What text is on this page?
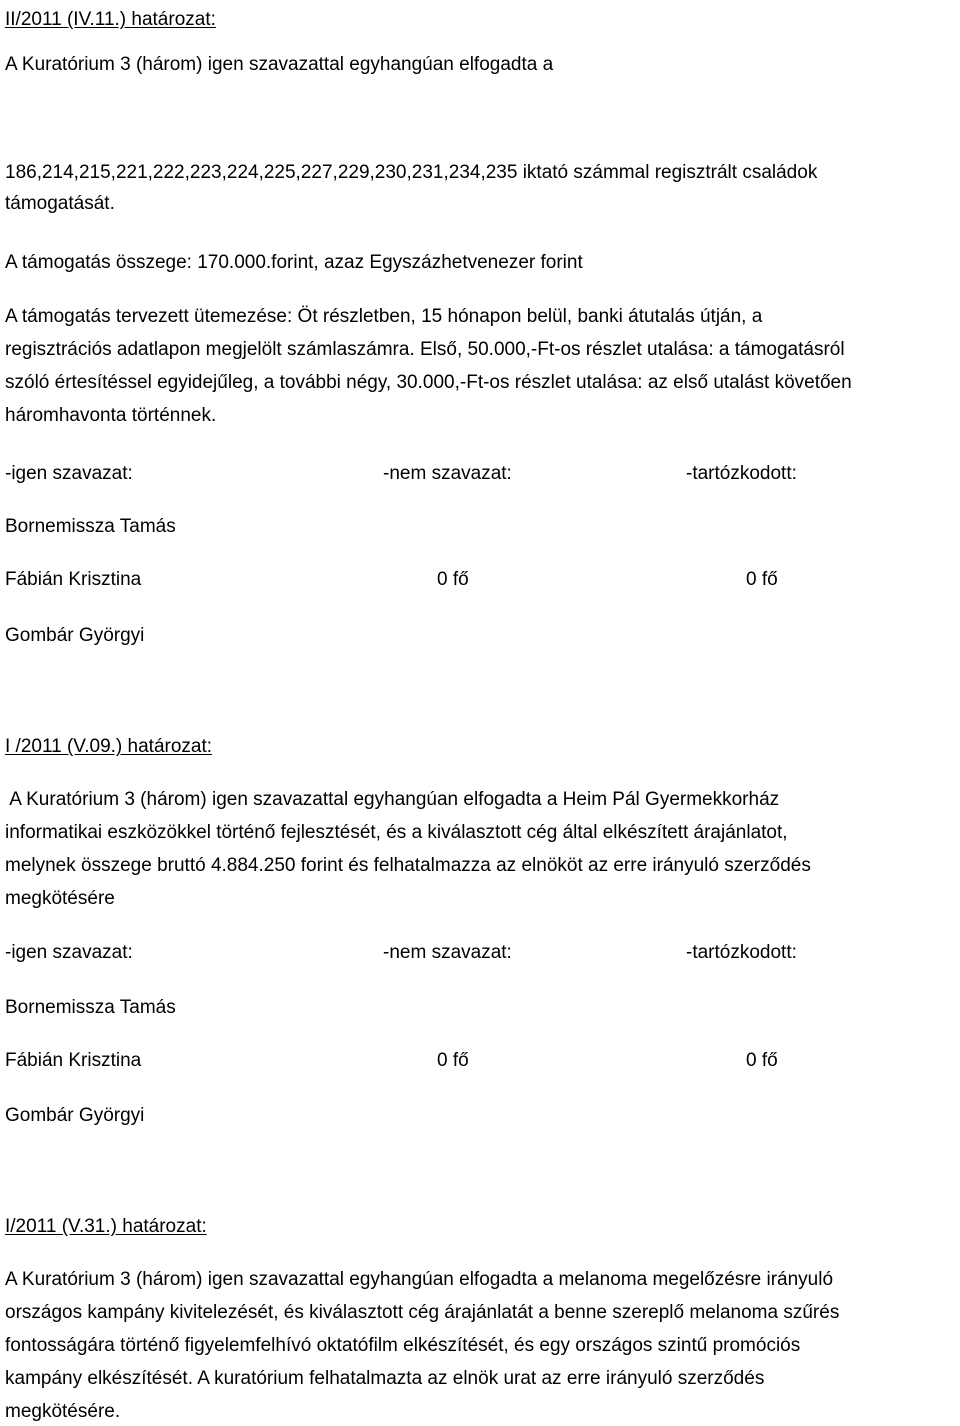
II/2011 (IV.11.) határozat:
A Kuratórium 3 (három) igen szavazattal egyhangúan elfogadta a
186,214,215,221,222,223,224,225,227,229,230,231,234,235 iktató számmal regisztrált családok
támogatását.
A támogatás összege: 170.000.forint, azaz Egyszázhetvenezer forint
A támogatás tervezett ütemezése: Öt részletben, 15 hónapon belül, banki átutalás útján, a
regisztrációs adatlapon megjelölt számlaszámra. Első, 50.000,-Ft-os részlet utalása: a támogatásról
szóló értesítéssel egyidejűleg, a további négy, 30.000,-Ft-os részlet utalása: az első utalást követően
háromhavonta történnek.
-igen szavazat:	-nem szavazat:	-tartózkodott:
Bornemissza Tamás
Fábián Krisztina	0 fő	0 fő
Gombár Györgyi
I /2011 (V.09.) határozat:
A Kuratórium 3 (három) igen szavazattal egyhangúan elfogadta a Heim Pál Gyermekkorház
informatikai eszközökkel történő fejlesztését, és a kiválasztott cég által elkészített árajánlatot,
melynek összege bruttó 4.884.250 forint és felhatalmazza az elnököt az erre irányuló szerződés
megkötésére
-igen szavazat:	-nem szavazat:	-tartózkodott:
Bornemissza Tamás
Fábián Krisztina	0 fő	0 fő
Gombár Györgyi
I/2011 (V.31.) határozat:
A Kuratórium 3 (három) igen szavazattal egyhangúan elfogadta a melanoma megelőzésre irányuló
országos kampány kivitelezését, és kiválasztott cég árajánlatát a benne szereplő melanoma szűrés
fontosságára történő figyelemfelhívó oktatófilm elkészítését, és egy országos szintű promóciós
kampány elkészítését. A kuratórium felhatalmazta az elnök urat az erre irányuló szerződés
megkötésére.
